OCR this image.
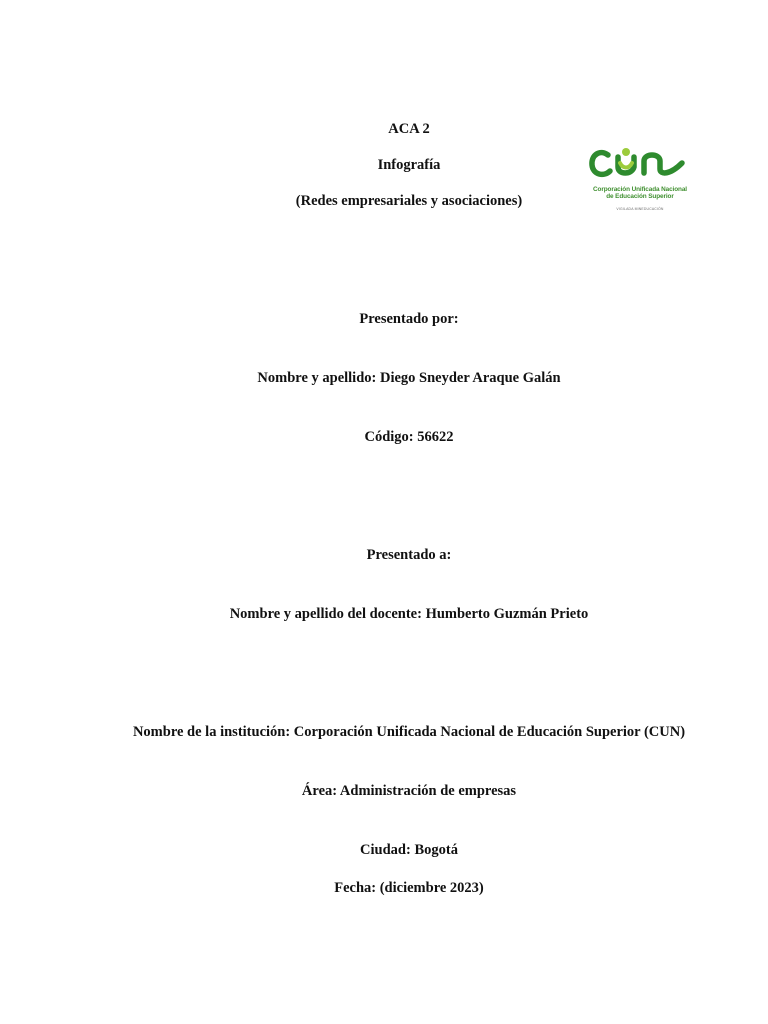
ACA 2
Infografía
(Redes empresariales y asociaciones)
Corporación Unificada Nacional
de Educación Superior
VIGILADA MINEDUCACIÓN
Presentado por:
Nombre y apellido: Diego Sneyder Araque Galán
Código: 56622
Presentado a:
Nombre y apellido del docente: Humberto Guzmán Prieto
Nombre de la institución: Corporación Unificada Nacional de Educación Superior (CUN)
Área: Administración de empresas
Ciudad: Bogotá
Fecha: (diciembre 2023)
